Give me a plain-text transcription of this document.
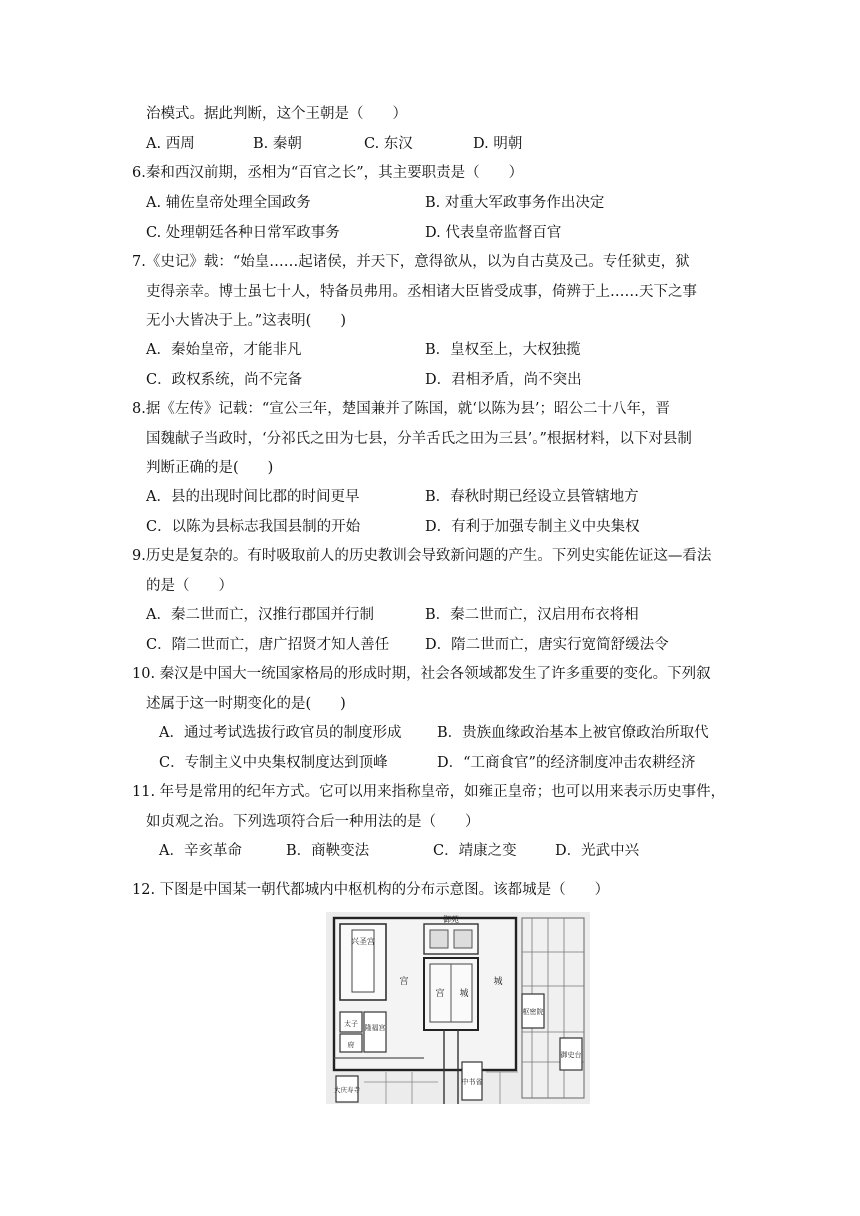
治模式。据此判断，这个王朝是（　　）
A. 西周	B. 秦朝	C. 东汉	D. 明朝
6.秦和西汉前期，丞相为“百官之长”，其主要职责是（　　）
A. 辅佐皇帝处理全国政务	B. 对重大军政事务作出决定
C. 处理朝廷各种日常军政事务	D. 代表皇帝监督百官
7.《史记》载：“始皇……起诸侯，并天下，意得欲从，以为自古莫及己。专任狱吏，狱
吏得亲幸。博士虽七十人，特备员弗用。丞相诸大臣皆受成事，倚辨于上……天下之事
无小大皆决于上。”这表明(　　)
A．秦始皇帝，才能非凡	B．皇权至上，大权独揽
C．政权系统，尚不完备	D．君相矛盾，尚不突出
8.据《左传》记载：“宣公三年，楚国兼并了陈国，就‘以陈为县’；昭公二十八年，晋
国魏献子当政时，‘分祁氏之田为七县，分羊舌氏之田为三县’。”根据材料，以下对县制
判断正确的是(　　)
A．县的出现时间比郡的时间更早	B．春秋时期已经设立县管辖地方
C．以陈为县标志我国县制的开始	D．有利于加强专制主义中央集权
9.历史是复杂的。有时吸取前人的历史教训会导致新问题的产生。下列史实能佐证这—看法
的是（　　）
A．秦二世而亡，汉推行郡国并行制	B．秦二世而亡，汉启用布衣将相
C．隋二世而亡，唐广招贤才知人善任 D．隋二世而亡，唐实行宽简舒缓法令
10. 秦汉是中国大一统国家格局的形成时期，社会各领域都发生了许多重要的变化。下列叙
述属于这一时期变化的是(　　)
A．通过考试选拔行政官员的制度形成 B．贵族血缘政治基本上被官僚政治所取代
C．专制主义中央集权制度达到顶峰	D．“工商食官”的经济制度冲击农耕经济
11. 年号是常用的纪年方式。它可以用来指称皇帝，如雍正皇帝；也可以用来表示历史事件，
如贞观之治。下列选项符合后一种用法的是（　　）
A．辛亥革命	B．商鞅变法	C．靖康之变	D．光武中兴
12. 下图是中国某一朝代都城内中枢机构的分布示意图。该都城是（　　）
兴圣宫
御苑
宫 城
宫	城
太子
府
隆福宫
枢密院
御史台
中书省
大庆寿寺
